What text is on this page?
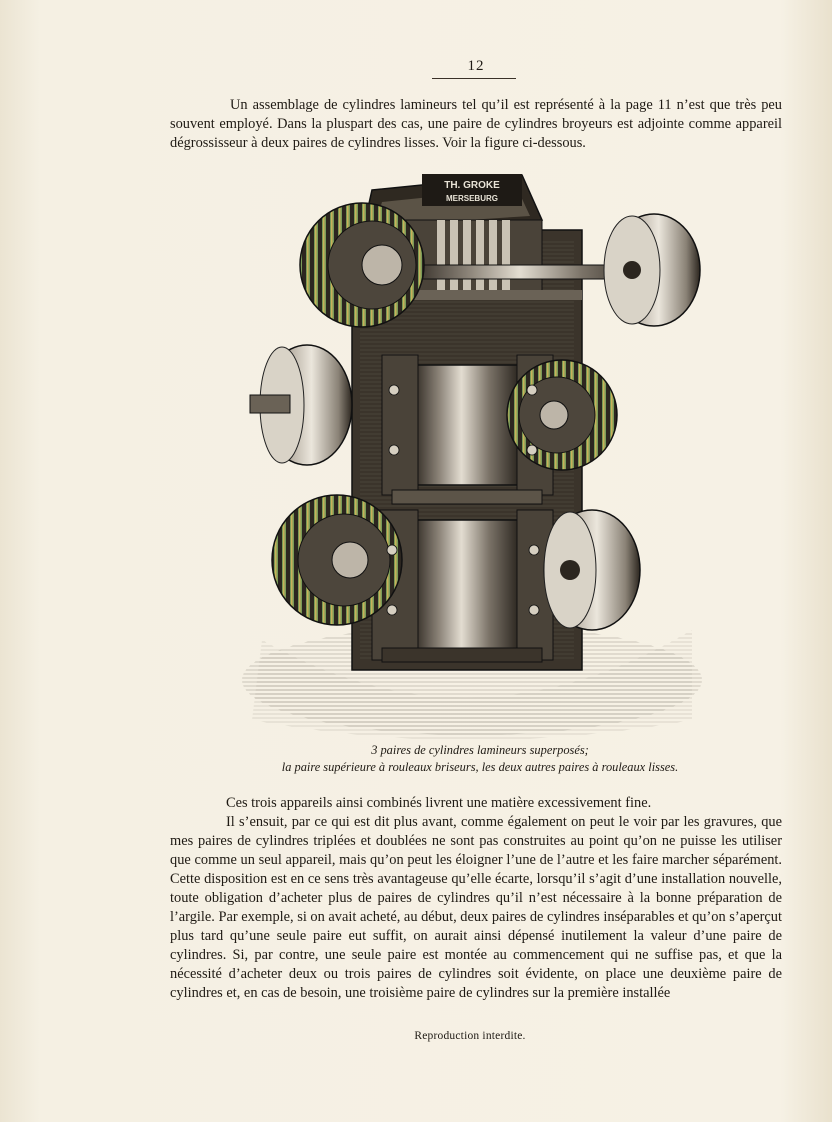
12

Un assemblage de cylindres lamineurs tel qu’il est représenté à la page 11 n’est que très peu souvent employé. Dans la pluspart des cas, une paire de cylindres broyeurs est adjointe comme appareil dégrossisseur à deux paires de cylindres lisses. Voir la figure ci-dessous.

TH. GROKE
MERSEBURG
3 paires de cylindres lamineurs superposés;
la paire supérieure à rouleaux briseurs, les deux autres paires à rouleaux lisses.

Ces trois appareils ainsi combinés livrent une matière excessivement fine.

Il s’ensuit, par ce qui est dit plus avant, comme également on peut le voir par les gravures, que mes paires de cylindres triplées et doublées ne sont pas construites au point qu’on ne puisse les utiliser que comme un seul appareil, mais qu’on peut les éloigner l’une de l’autre et les faire marcher séparément. Cette disposition est en ce sens très avantageuse qu’elle écarte, lorsqu’il s’agit d’une installation nouvelle, toute obligation d’acheter plus de paires de cylindres qu’il n’est nécessaire à la bonne préparation de l’argile. Par exemple, si on avait acheté, au début, deux paires de cylindres inséparables et qu’on s’aperçut plus tard qu’une seule paire eut suffit, on aurait ainsi dépensé inutilement la valeur d’une paire de cylindres. Si, par contre, une seule paire est montée au commencement qui ne suffise pas, et que la nécessité d’acheter deux ou trois paires de cylindres soit évidente, on place une deuxième paire de cylindres et, en cas de besoin, une troisième paire de cylindres sur la première installée

Reproduction interdite.
